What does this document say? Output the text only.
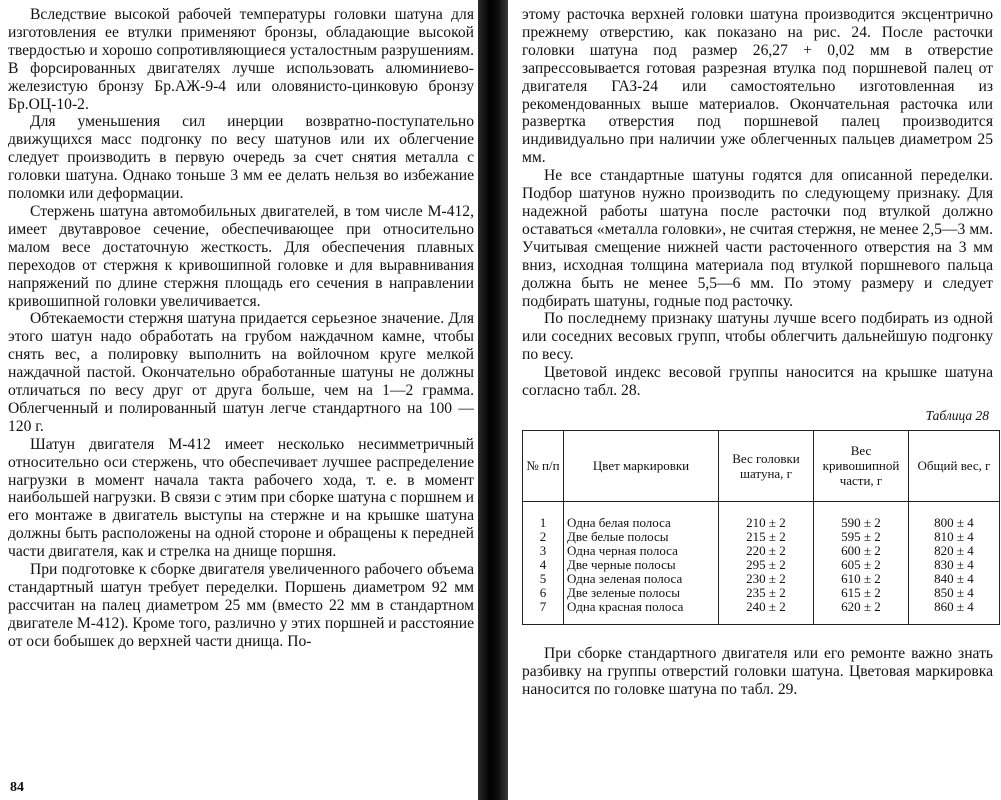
Вследствие высокой рабочей температуры головки шатуна для изготовления ее втулки применяют бронзы, обладающие высокой твердостью и хорошо сопротивляющиеся усталостным разрушениям. В форсированных двигателях лучше использовать алюминиево-железистую бронзу Бр.АЖ-9-4 или оловянисто-цинковую бронзу Бр.ОЦ-10-2.

Для уменьшения сил инерции возвратно-поступательно движущихся масс подгонку по весу шатунов или их облегчение следует производить в первую очередь за счет снятия металла с головки шатуна. Однако тоньше 3 мм ее делать нельзя во избежание поломки или деформации.

Стержень шатуна автомобильных двигателей, в том числе М-412, имеет двутавровое сечение, обеспечивающее при относительно малом весе достаточную жесткость. Для обеспечения плавных переходов от стержня к кривошипной головке и для выравнивания напряжений по длине стержня площадь его сечения в направлении кривошипной головки увеличивается.

Обтекаемости стержня шатуна придается серьезное значение. Для этого шатун надо обработать на грубом наждачном камне, чтобы снять вес, а полировку выполнить на войлочном круге мелкой наждачной пастой. Окончательно обработанные шатуны не должны отличаться по весу друг от друга больше, чем на 1—2 грамма. Облегченный и полированный шатун легче стандартного на 100 —120 г.

Шатун двигателя М-412 имеет несколько несимметричный относительно оси стержень, что обеспечивает лучшее распределение нагрузки в момент начала такта рабочего хода, т. е. в момент наибольшей нагрузки. В связи с этим при сборке шатуна с поршнем и его монтаже в двигатель выступы на стержне и на крышке шатуна должны быть расположены на одной стороне и обращены к передней части двигателя, как и стрелка на днище поршня.

При подготовке к сборке двигателя увеличенного рабочего объема стандартный шатун требует переделки. Поршень диаметром 92 мм рассчитан на палец диаметром 25 мм (вместо 22 мм в стандартном двигателе М-412). Кроме того, различно у этих поршней и расстояние от оси бобышек до верхней части днища. По-

84

этому расточка верхней головки шатуна производится эксцентрично прежнему отверстию, как показано на рис. 24. После расточки головки шатуна под размер 26,27 + 0,02 мм в отверстие запрессовывается готовая разрезная втулка под поршневой палец от двигателя ГАЗ-24 или самостоятельно изготовленная из рекомендованных выше материалов. Окончательная расточка или развертка отверстия под поршневой палец производится индивидуально при наличии уже облегченных пальцев диаметром 25 мм.

Не все стандартные шатуны годятся для описанной переделки. Подбор шатунов нужно производить по следующему признаку. Для надежной работы шатуна после расточки под втулкой должно оставаться «металла головки», не считая стержня, не менее 2,5—3 мм. Учитывая смещение нижней части расточенного отверстия на 3 мм вниз, исходная толщина материала под втулкой поршневого пальца должна быть не менее 5,5—6 мм. По этому размеру и следует подбирать шатуны, годные под расточку.

По последнему признаку шатуны лучше всего подбирать из одной или соседних весовых групп, чтобы облегчить дальнейшую подгонку по весу.

Цветовой индекс весовой группы наносится на крышке шатуна согласно табл. 28.

Таблица 28
№ п/п	Цвет маркировки	Вес головки шатуна, г	Вес кривошипной части, г	Общий вес, г
1	Одна белая полоса	210 ± 2	590 ± 2	800 ± 4
2	Две белые полосы	215 ± 2	595 ± 2	810 ± 4
3	Одна черная полоса	220 ± 2	600 ± 2	820 ± 4
4	Две черные полосы	295 ± 2	605 ± 2	830 ± 4
5	Одна зеленая полоса	230 ± 2	610 ± 2	840 ± 4
6	Две зеленые полосы	235 ± 2	615 ± 2	850 ± 4
7	Одна красная полоса	240 ± 2	620 ± 2	860 ± 4

При сборке стандартного двигателя или его ремонте важно знать разбивку на группы отверстий головки шатуна. Цветовая маркировка наносится по головке шатуна по табл. 29.
